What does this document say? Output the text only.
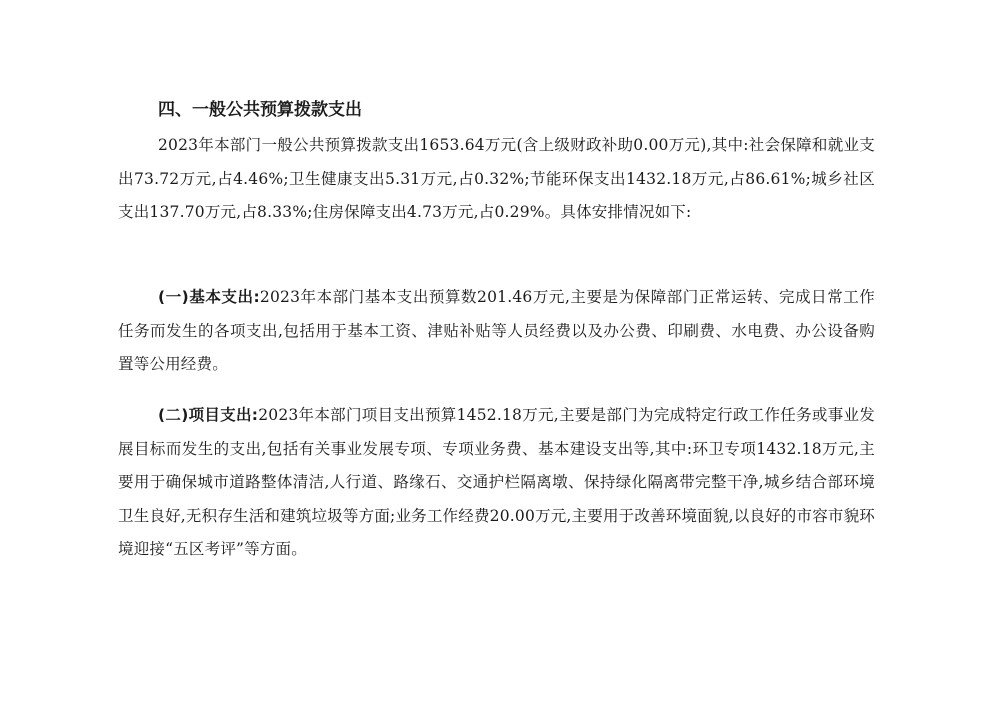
四、一般公共预算拨款支出

2023年本部门一般公共预算拨款支出1653.64万元(含上级财政补助0.00万元),其中:社会保障和就业支出73.72万元,占4.46%;卫生健康支出5.31万元,占0.32%;节能环保支出1432.18万元,占86.61%;城乡社区支出137.70万元,占8.33%;住房保障支出4.73万元,占0.29%。具体安排情况如下:

(一)基本支出:2023年本部门基本支出预算数201.46万元,主要是为保障部门正常运转、完成日常工作任务而发生的各项支出,包括用于基本工资、津贴补贴等人员经费以及办公费、印刷费、水电费、办公设备购置等公用经费。

(二)项目支出:2023年本部门项目支出预算1452.18万元,主要是部门为完成特定行政工作任务或事业发展目标而发生的支出,包括有关事业发展专项、专项业务费、基本建设支出等,其中:环卫专项1432.18万元,主要用于确保城市道路整体清洁,人行道、路缘石、交通护栏隔离墩、保持绿化隔离带完整干净,城乡结合部环境卫生良好,无积存生活和建筑垃圾等方面;业务工作经费20.00万元,主要用于改善环境面貌,以良好的市容市貌环境迎接“五区考评”等方面。
